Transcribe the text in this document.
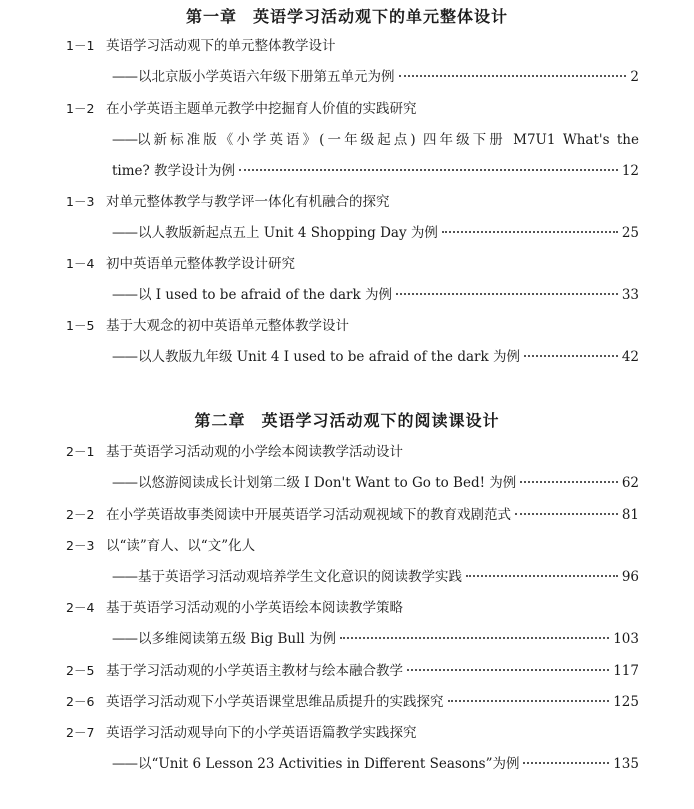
第一章 英语学习活动观下的单元整体设计
1－1 英语学习活动观下的单元整体教学设计
—— 以北京版小学英语六年级下册第五单元为例	2
1－2 在小学英语主题单元教学中挖掘育人价值的实践研究
—— 以新标准版《小学英语》(一年级起点) 四年级下册 M7U1 What's the
time? 教学设计为例	12
1－3 对单元整体教学与教学评一体化有机融合的探究
—— 以人教版新起点五上 Unit 4 Shopping Day 为例	25
1－4 初中英语单元整体教学设计研究
—— 以 I used to be afraid of the dark 为例	33
1－5 基于大观念的初中英语单元整体教学设计
—— 以人教版九年级 Unit 4 I used to be afraid of the dark 为例	42
第二章 英语学习活动观下的阅读课设计
2－1 基于英语学习活动观的小学绘本阅读教学活动设计
—— 以悠游阅读成长计划第二级 I Don't Want to Go to Bed! 为例	62
2－2 在小学英语故事类阅读中开展英语学习活动观视域下的教育戏剧范式	81
2－3 以“读”育人、以“文”化人
—— 基于英语学习活动观培养学生文化意识的阅读教学实践	96
2－4 基于英语学习活动观的小学英语绘本阅读教学策略
—— 以多维阅读第五级 Big Bull 为例	103
2－5 基于学习活动观的小学英语主教材与绘本融合教学	117
2－6 英语学习活动观下小学英语课堂思维品质提升的实践探究	125
2－7 英语学习活动观导向下的小学英语语篇教学实践探究
—— 以“Unit 6 Lesson 23 Activities in Different Seasons”为例	135
